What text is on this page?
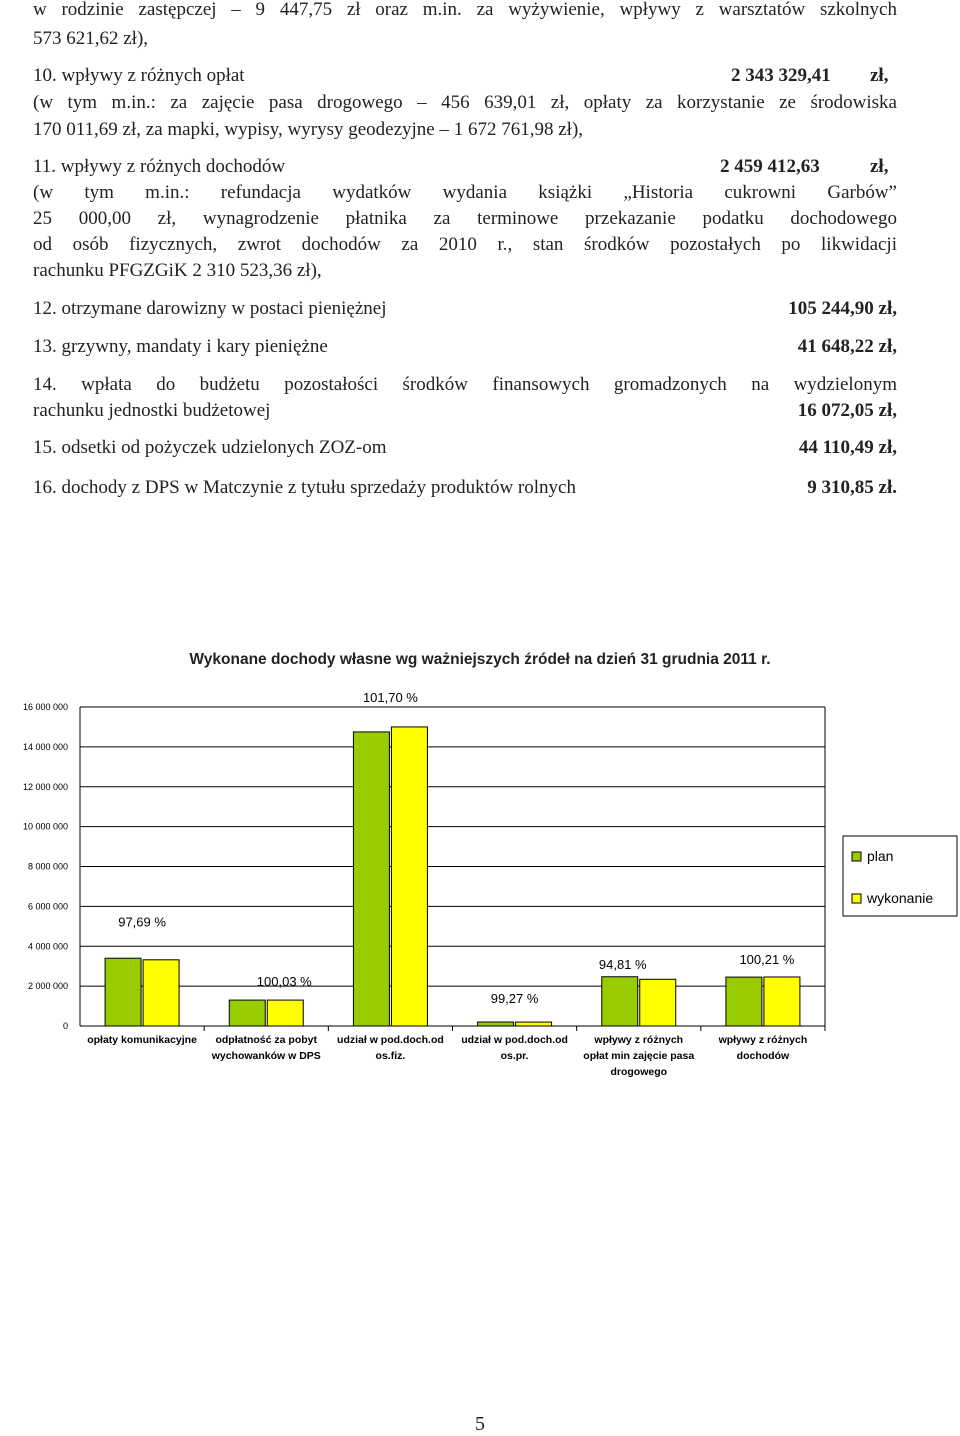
w rodzinie zastępczej – 9 447,75 zł oraz m.in. za wyżywienie, wpływy z warsztatów szkolnych
573 621,62 zł),
10. wpływy z różnych opłat	2 343 329,41 zł,
(w tym m.in.: za zajęcie pasa drogowego – 456 639,01 zł, opłaty za korzystanie ze środowiska
170 011,69 zł, za mapki, wypisy, wyrysy geodezyjne – 1 672 761,98 zł),
11. wpływy z różnych dochodów	2 459 412,63	zł,
(w tym m.in.: refundacja wydatków wydania książki „Historia cukrowni Garbów”
25 000,00 zł, wynagrodzenie płatnika za terminowe przekazanie podatku dochodowego
od osób fizycznych, zwrot dochodów za 2010 r., stan środków pozostałych po likwidacji
rachunku PFGZGiK 2 310 523,36 zł),
12. otrzymane darowizny w postaci pieniężnej	105 244,90 zł,
13. grzywny, mandaty i kary pieniężne	41 648,22 zł,
14. wpłata do budżetu pozostałości środków finansowych gromadzonych na wydzielonym
rachunku jednostki budżetowej	16 072,05 zł,
15. odsetki od pożyczek udzielonych ZOZ-om	44 110,49 zł,
16. dochody z DPS w Matczynie z tytułu sprzedaży produktów rolnych	9 310,85 zł.
Wykonane dochody własne wg ważniejszych źródeł na dzień 31 grudnia 2011 r.
0
2 000 000
4 000 000
6 000 000
8 000 000
10 000 000
12 000 000
14 000 000
16 000 000
97,69 %
100,03 %
101,70 %
99,27 %
94,81 %	100,21 %
opłaty komunikacyjne odpłatność za pobyt
wychowanków w DPS
udział w pod.doch.od
os.fiz.
udział w pod.doch.od
os.pr.
wpływy z różnych
opłat min zajęcie pasa
drogowego
wpływy z różnych
dochodów
plan
wykonanie
5
